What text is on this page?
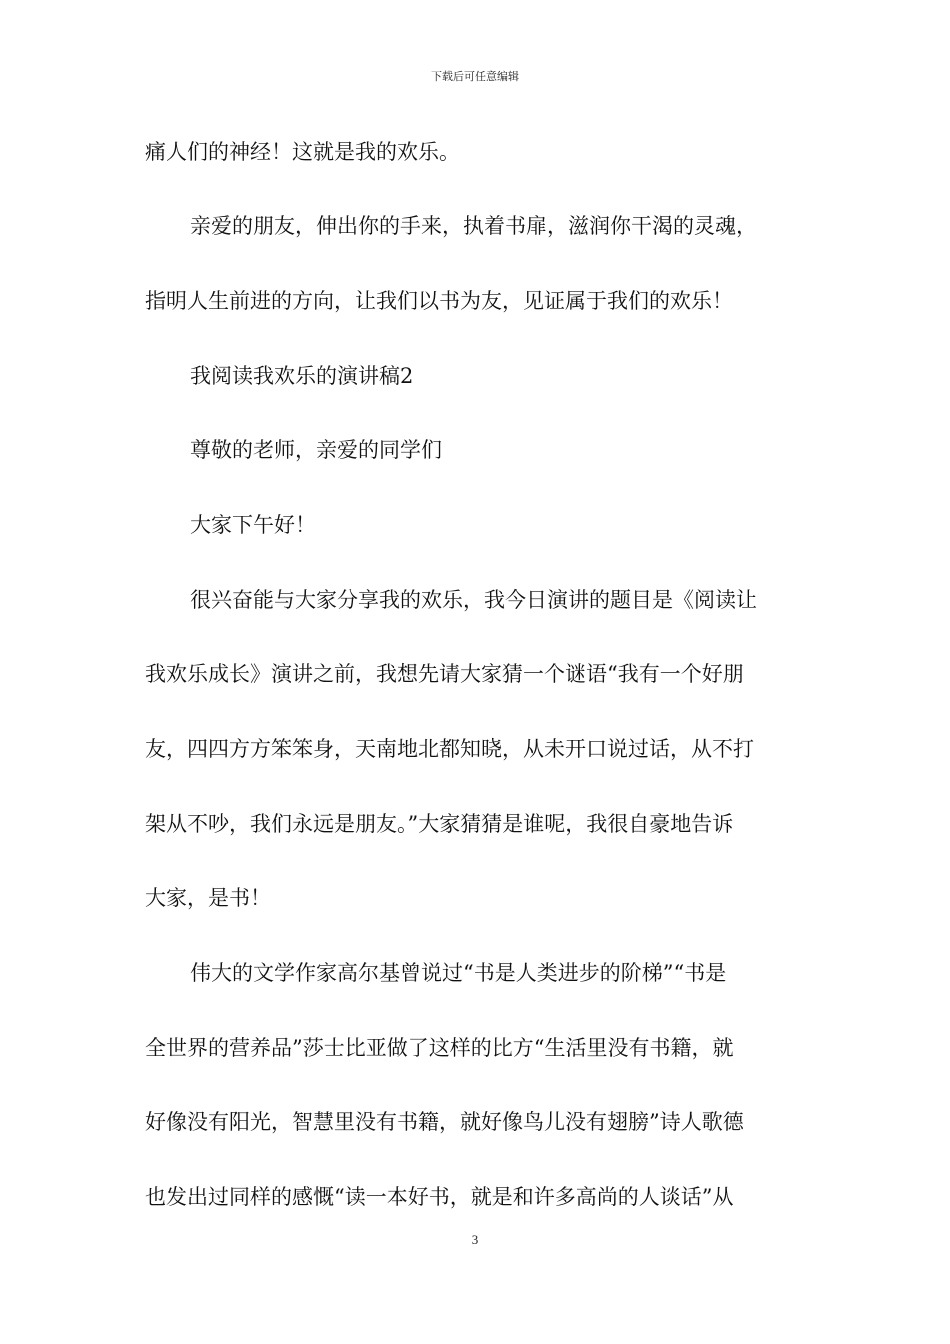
下载后可任意编辑
痛人们的神经！这就是我的欢乐。
亲爱的朋友，伸出你的手来，执着书扉，滋润你干渴的灵魂，
指明人生前进的方向，让我们以书为友，见证属于我们的欢乐！
我阅读我欢乐的演讲稿2
尊敬的老师，亲爱的同学们
大家下午好！
很兴奋能与大家分享我的欢乐，我今日演讲的题目是《阅读让
我欢乐成长》演讲之前，我想先请大家猜一个谜语“我有一个好朋
友，四四方方笨笨身，天南地北都知晓，从未开口说过话，从不打
架从不吵，我们永远是朋友。”大家猜猜是谁呢，我很自豪地告诉
大家，是书！
伟大的文学作家高尔基曾说过“书是人类进步的阶梯”“书是
全世界的营养品”莎士比亚做了这样的比方“生活里没有书籍，就
好像没有阳光，智慧里没有书籍，就好像鸟儿没有翅膀”诗人歌德
也发出过同样的感慨“读一本好书，就是和许多高尚的人谈话”从
3
